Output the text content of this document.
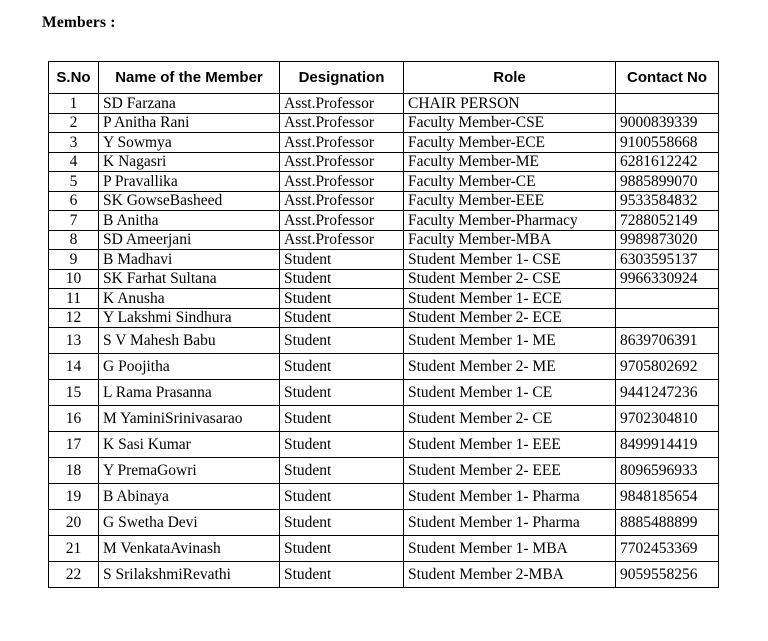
Members :
S.No	Name of the Member	Designation	Role	Contact No
1	SD Farzana	Asst.Professor	CHAIR PERSON	
2	P Anitha Rani	Asst.Professor	Faculty Member-CSE	9000839339
3	Y Sowmya	Asst.Professor	Faculty Member-ECE	9100558668
4	K Nagasri	Asst.Professor	Faculty Member-ME	6281612242
5	P Pravallika	Asst.Professor	Faculty Member-CE	9885899070
6	SK GowseBasheed	Asst.Professor	Faculty Member-EEE	9533584832
7	B Anitha	Asst.Professor	Faculty Member-Pharmacy	7288052149
8	SD Ameerjani	Asst.Professor	Faculty Member-MBA	9989873020
9	B Madhavi	Student	Student Member 1- CSE	6303595137
10	SK Farhat Sultana	Student	Student Member 2- CSE	9966330924
11	K Anusha	Student	Student Member 1- ECE	
12	Y Lakshmi Sindhura	Student	Student Member 2- ECE	
13	S V Mahesh Babu	Student	Student Member 1- ME	8639706391
14	G Poojitha	Student	Student Member 2- ME	9705802692
15	L Rama Prasanna	Student	Student Member 1- CE	9441247236
16	M YaminiSrinivasarao	Student	Student Member 2- CE	9702304810
17	K Sasi Kumar	Student	Student Member 1- EEE	8499914419
18	Y PremaGowri	Student	Student Member 2- EEE	8096596933
19	B Abinaya	Student	Student Member 1- Pharma	9848185654
20	G Swetha Devi	Student	Student Member 1- Pharma	8885488899
21	M VenkataAvinash	Student	Student Member 1- MBA	7702453369
22	S SrilakshmiRevathi	Student	Student Member 2-MBA	9059558256
